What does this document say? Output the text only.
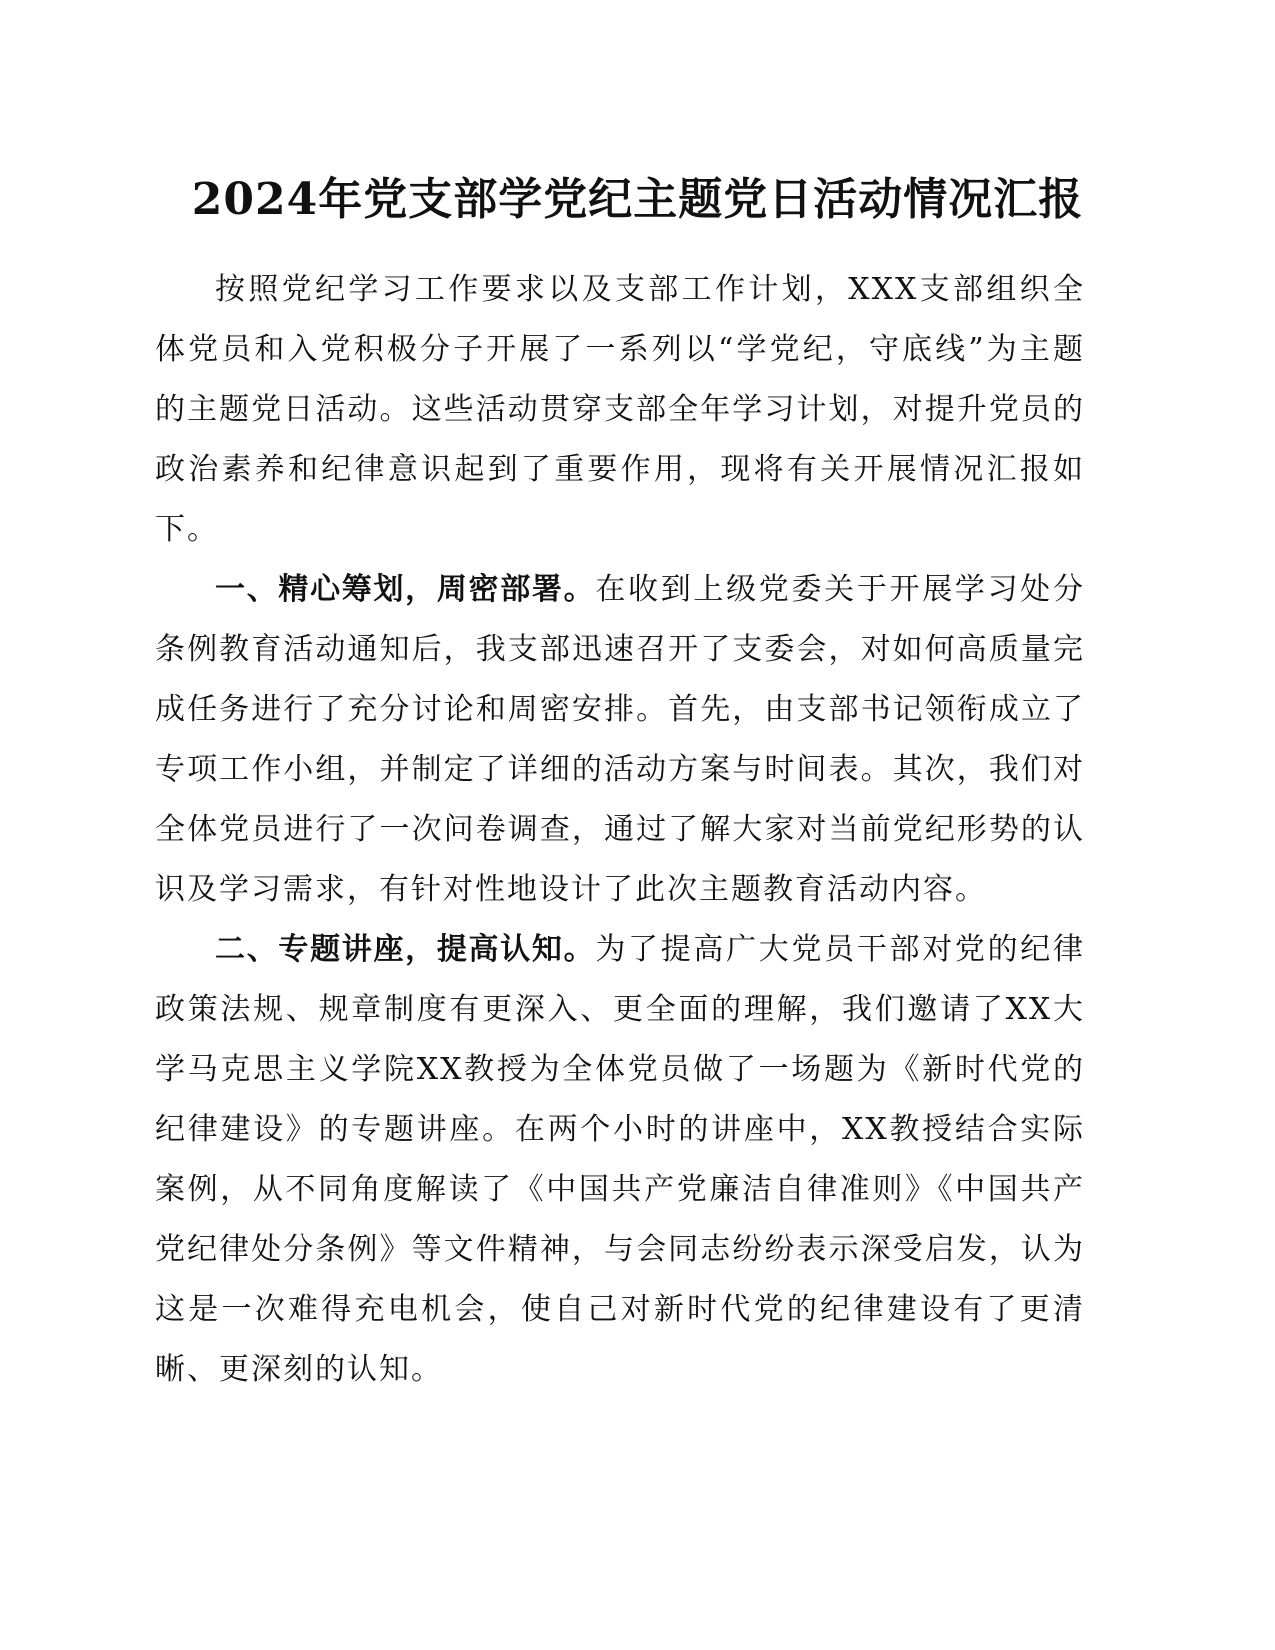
2024年党支部学党纪主题党日活动情况汇报

按照党纪学习工作要求以及支部工作计划，XXX支部组织全体党员和入党积极分子开展了一系列以“学党纪，守底线”为主题的主题党日活动。这些活动贯穿支部全年学习计划，对提升党员的政治素养和纪律意识起到了重要作用，现将有关开展情况汇报如下。

一、精心筹划，周密部署。在收到上级党委关于开展学习处分条例教育活动通知后，我支部迅速召开了支委会，对如何高质量完成任务进行了充分讨论和周密安排。首先，由支部书记领衔成立了专项工作小组，并制定了详细的活动方案与时间表。其次，我们对全体党员进行了一次问卷调查，通过了解大家对当前党纪形势的认识及学习需求，有针对性地设计了此次主题教育活动内容。

二、专题讲座，提高认知。为了提高广大党员干部对党的纪律政策法规、规章制度有更深入、更全面的理解，我们邀请了XX大学马克思主义学院XX教授为全体党员做了一场题为《新时代党的纪律建设》的专题讲座。在两个小时的讲座中，XX教授结合实际案例，从不同角度解读了《中国共产党廉洁自律准则》《中国共产党纪律处分条例》等文件精神，与会同志纷纷表示深受启发，认为这是一次难得充电机会，使自己对新时代党的纪律建设有了更清晰、更深刻的认知。
